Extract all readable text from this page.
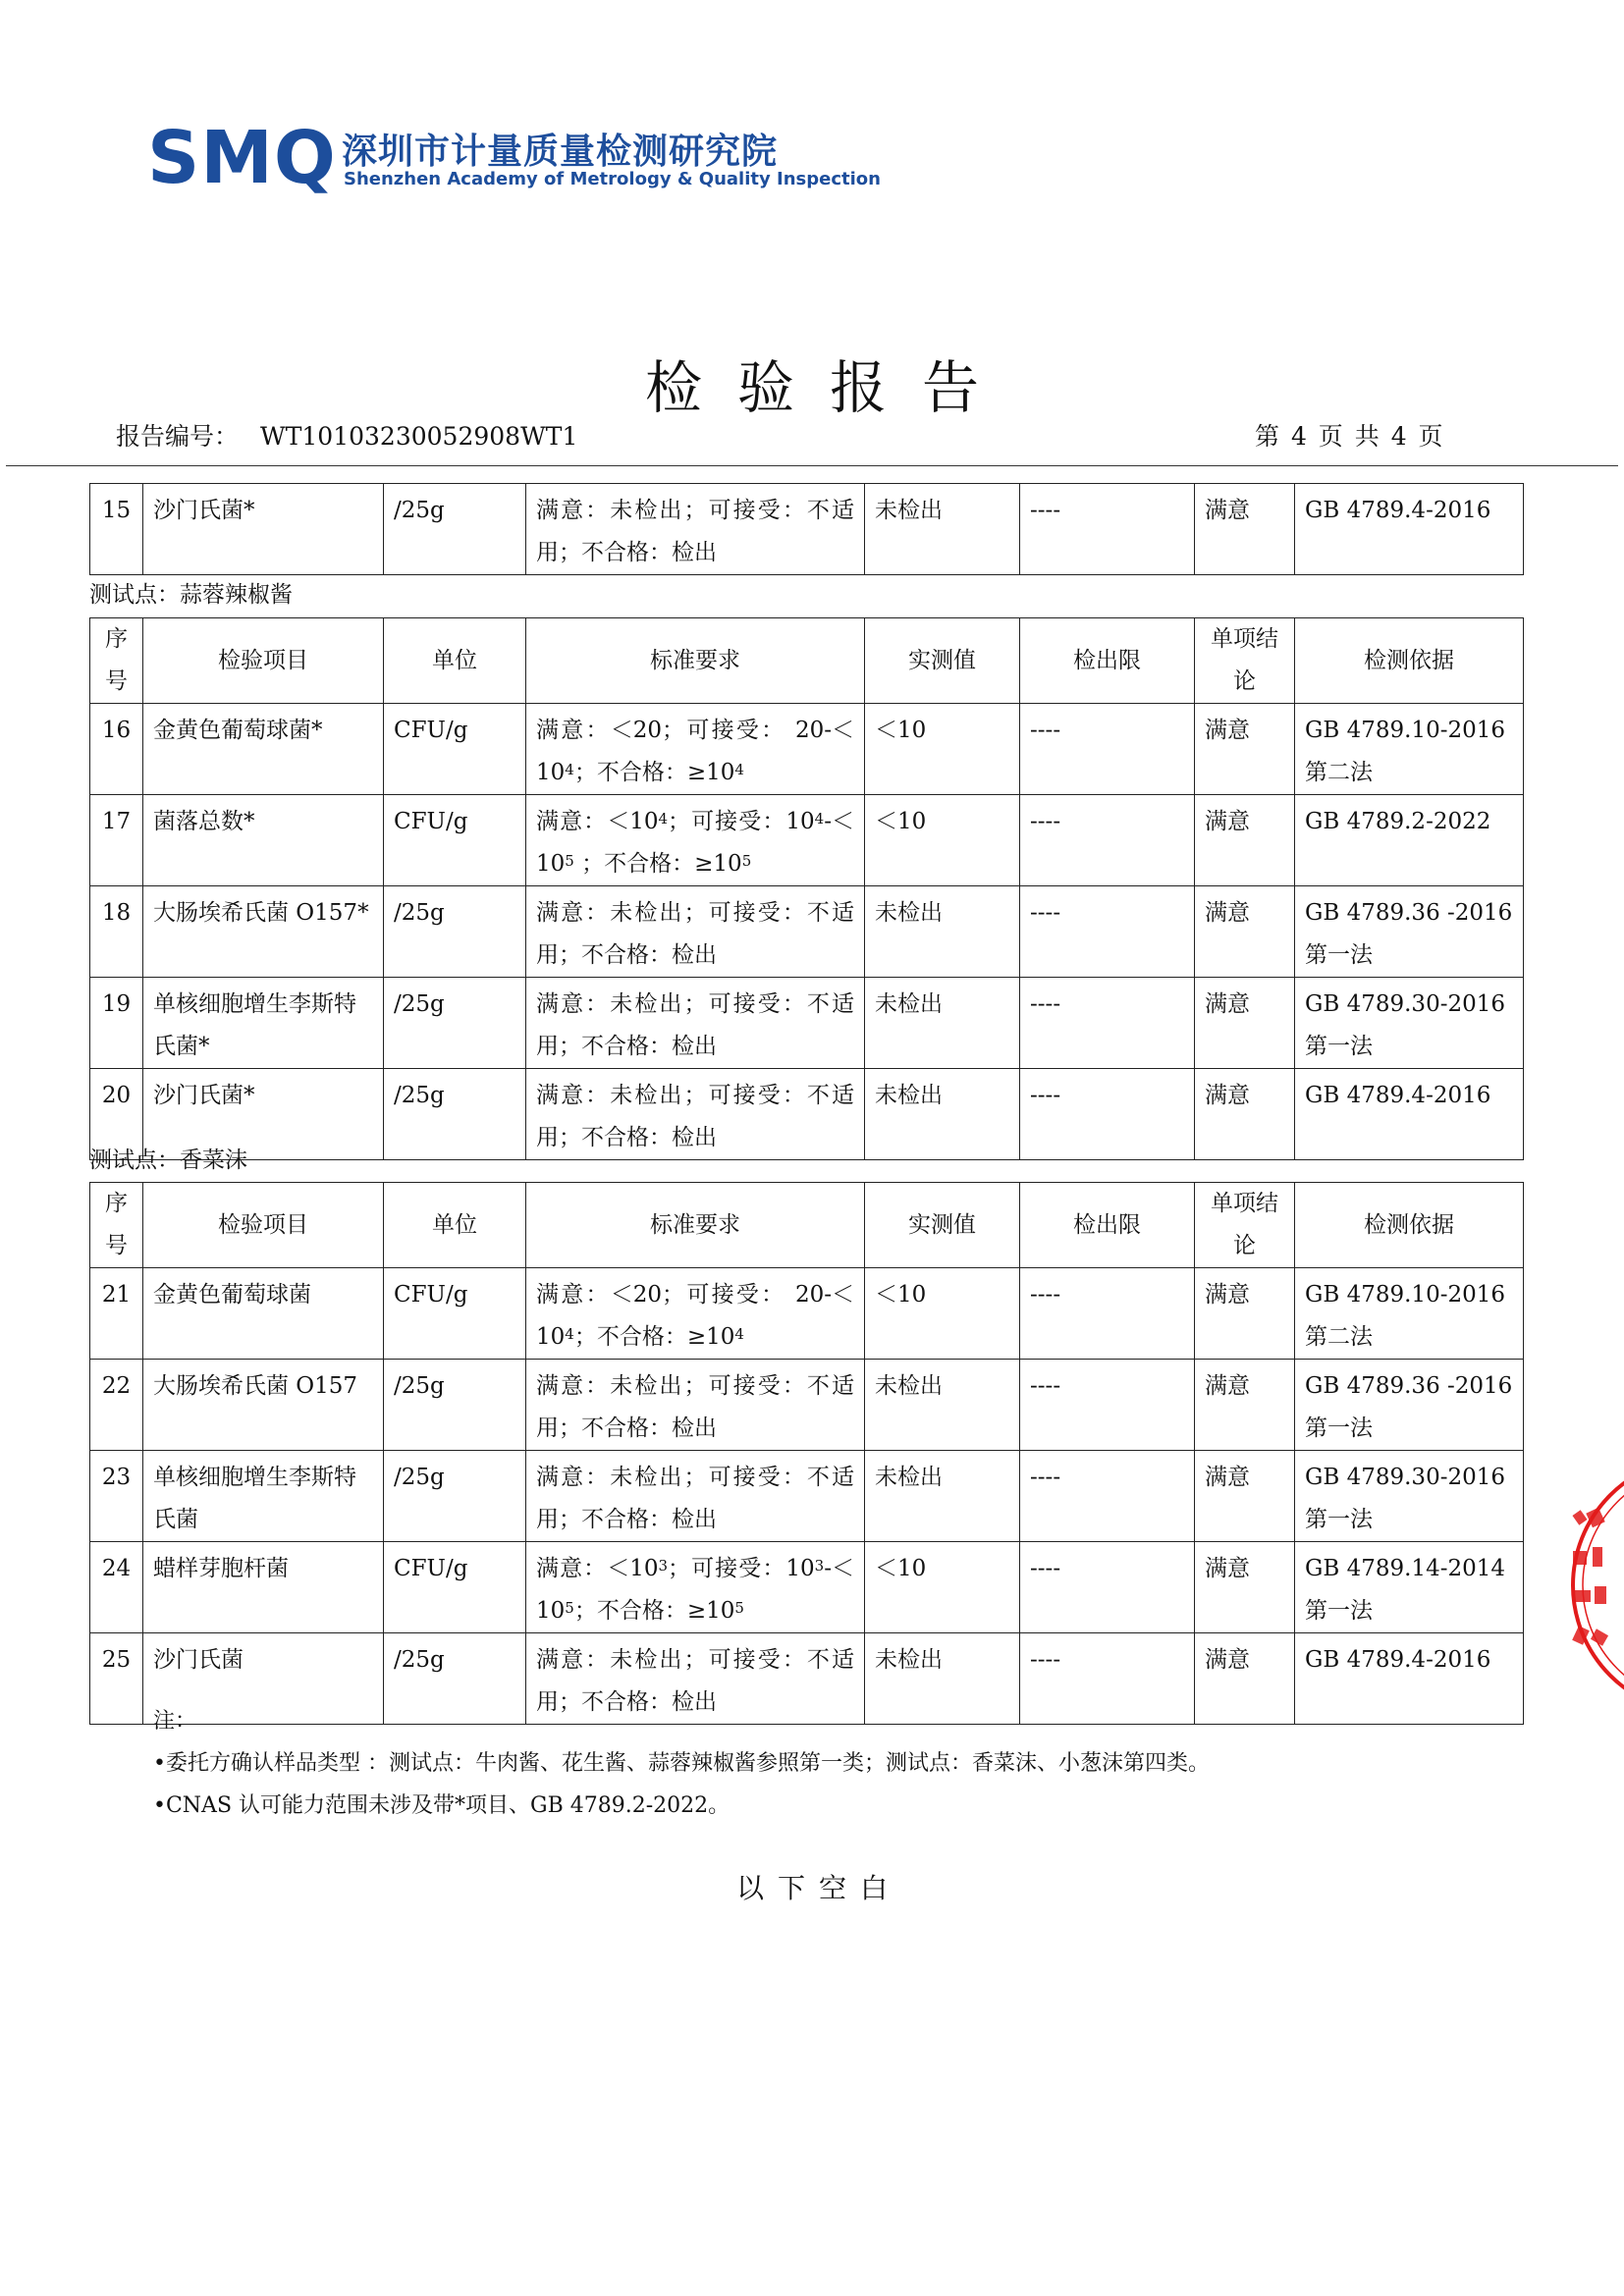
SMQ 深圳市计量质量检测研究院
Shenzhen Academy of Metrology & Quality Inspection
检验报告
报告编号： WT10103230052908WT1	第 4 页 共 4 页
15	沙门氏菌*	/25g	满意：未检出；可接受：不适用；不合格：检出	未检出	----	满意	GB 4789.4-2016
测试点：蒜蓉辣椒酱
序号	检验项目	单位	标准要求	实测值	检出限	单项结论	检测依据
16	金黄色葡萄球菌*	CFU/g	满意：＜20；可接受： $20-<10^4$；不合格：$\ge 10^4$	＜10	----	满意	GB 4789.10-2016 第二法
17	菌落总数*	CFU/g	满意：$<10^4$；可接受：$10^4-<10^5$ ；不合格：$\ge 10^5$	＜10	----	满意	GB 4789.2-2022
18	大肠埃希氏菌 O157*	/25g	满意：未检出；可接受：不适用；不合格：检出	未检出	----	满意	GB 4789.36 -2016 第一法
19	单核细胞增生李斯特氏菌*	/25g	满意：未检出；可接受：不适用；不合格：检出	未检出	----	满意	GB 4789.30-2016 第一法
20	沙门氏菌*	/25g	满意：未检出；可接受：不适用；不合格：检出	未检出	----	满意	GB 4789.4-2016
测试点：香菜沫
序号	检验项目	单位	标准要求	实测值	检出限	单项结论	检测依据
21	金黄色葡萄球菌	CFU/g	满意：＜20；可接受： $20-<10^4$；不合格：$\ge 10^4$	＜10	----	满意	GB 4789.10-2016 第二法
22	大肠埃希氏菌 O157	/25g	满意：未检出；可接受：不适用；不合格：检出	未检出	----	满意	GB 4789.36 -2016 第一法
23	单核细胞增生李斯特氏菌	/25g	满意：未检出；可接受：不适用；不合格：检出	未检出	----	满意	GB 4789.30-2016 第一法
24	蜡样芽胞杆菌	CFU/g	满意：$<10^3$；可接受：$10^3-<10^5$；不合格：$\ge 10^5$	＜10	----	满意	GB 4789.14-2014 第一法
25	沙门氏菌	/25g	满意：未检出；可接受：不适用；不合格：检出	未检出	----	满意	GB 4789.4-2016
注：
•委托方确认样品类型 ：测试点：牛肉酱、花生酱、蒜蓉辣椒酱参照第一类；测试点：香菜沫、小葱沫第四类。
•CNAS 认可能力范围未涉及带*项目、GB 4789.2-2022。
以下空白
